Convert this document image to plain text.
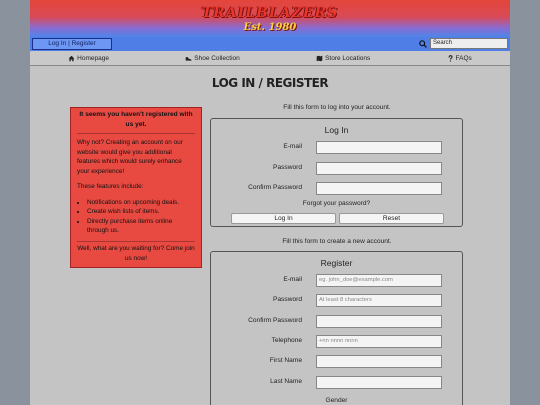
TRAILBLAZERS
Est. 1980
Log In | Register	Search
Homepage	Shoe Collection	Store Locations	FAQs
LOG IN / REGISTER
It seems you haven't registered with us yet.

Why not? Creating an account on our website would give you additional features which would surely enhance your experience!

These features include:

• Notifications on upcoming deals.
• Create wish lists of items.
• Directly purchase items online through us.
Well, what are you waiting for? Come join us now!
Fill this form to log into your account.
Log In
E-mail
Password
Confirm Password
Forgot your password?
Log In	Reset
Fill this form to create a new account.
Register
E-mail	eg. john_doe@example.com
Password	At least 8 characters
Confirm Password
Telephone	+nn nnnn nnnn
First Name
Last Name
Gender
